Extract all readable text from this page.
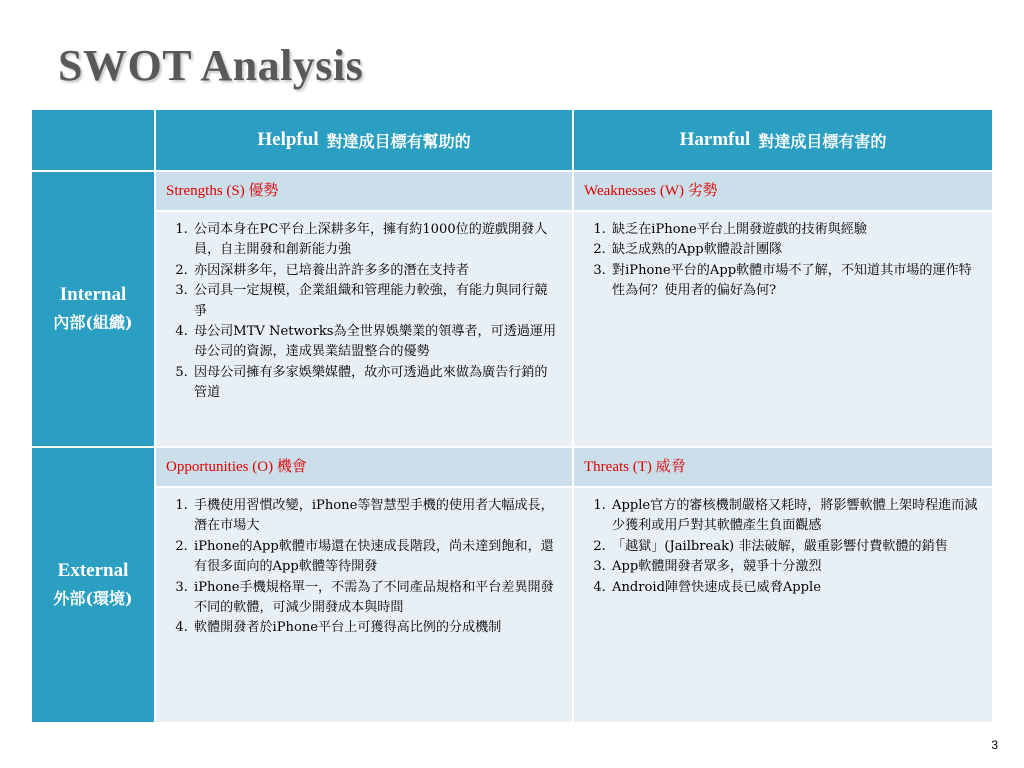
SWOT Analysis
Helpful 對達成目標有幫助的	Harmful 對達成目標有害的
Internal
內部(組織)
Strengths (S) 優勢
1. 公司本身在PC平台上深耕多年，擁有約1000位的遊戲開發人員，自主開發和創新能力強
2. 亦因深耕多年，已培養出許許多多的潛在支持者
3. 公司具一定規模，企業組織和管理能力較強，有能力與同行競爭
4. 母公司MTV Networks為全世界娛樂業的領導者，可透過運用母公司的資源，達成異業結盟整合的優勢
5. 因母公司擁有多家娛樂媒體，故亦可透過此來做為廣告行銷的管道
Weaknesses (W) 劣勢
1. 缺乏在iPhone平台上開發遊戲的技術與經驗
2. 缺乏成熟的App軟體設計團隊
3. 對iPhone平台的App軟體市場不了解，不知道其市場的運作特性為何？使用者的偏好為何?
External
外部(環境)
Opportunities (O) 機會
1. 手機使用習慣改變，iPhone等智慧型手機的使用者大幅成長，潛在市場大
2. iPhone的App軟體市場還在快速成長階段，尚未達到飽和，還有很多面向的App軟體等待開發
3. iPhone手機規格單一，不需為了不同產品規格和平台差異開發不同的軟體，可減少開發成本與時間
4. 軟體開發者於iPhone平台上可獲得高比例的分成機制
Threats (T) 威脅
1. Apple官方的審核機制嚴格又耗時，將影響軟體上架時程進而減少獲利或用戶對其軟體產生負面觀感
2. 「越獄」(Jailbreak) 非法破解，嚴重影響付費軟體的銷售
3. App軟體開發者眾多，競爭十分激烈
4. Android陣營快速成長已威脅Apple
3
